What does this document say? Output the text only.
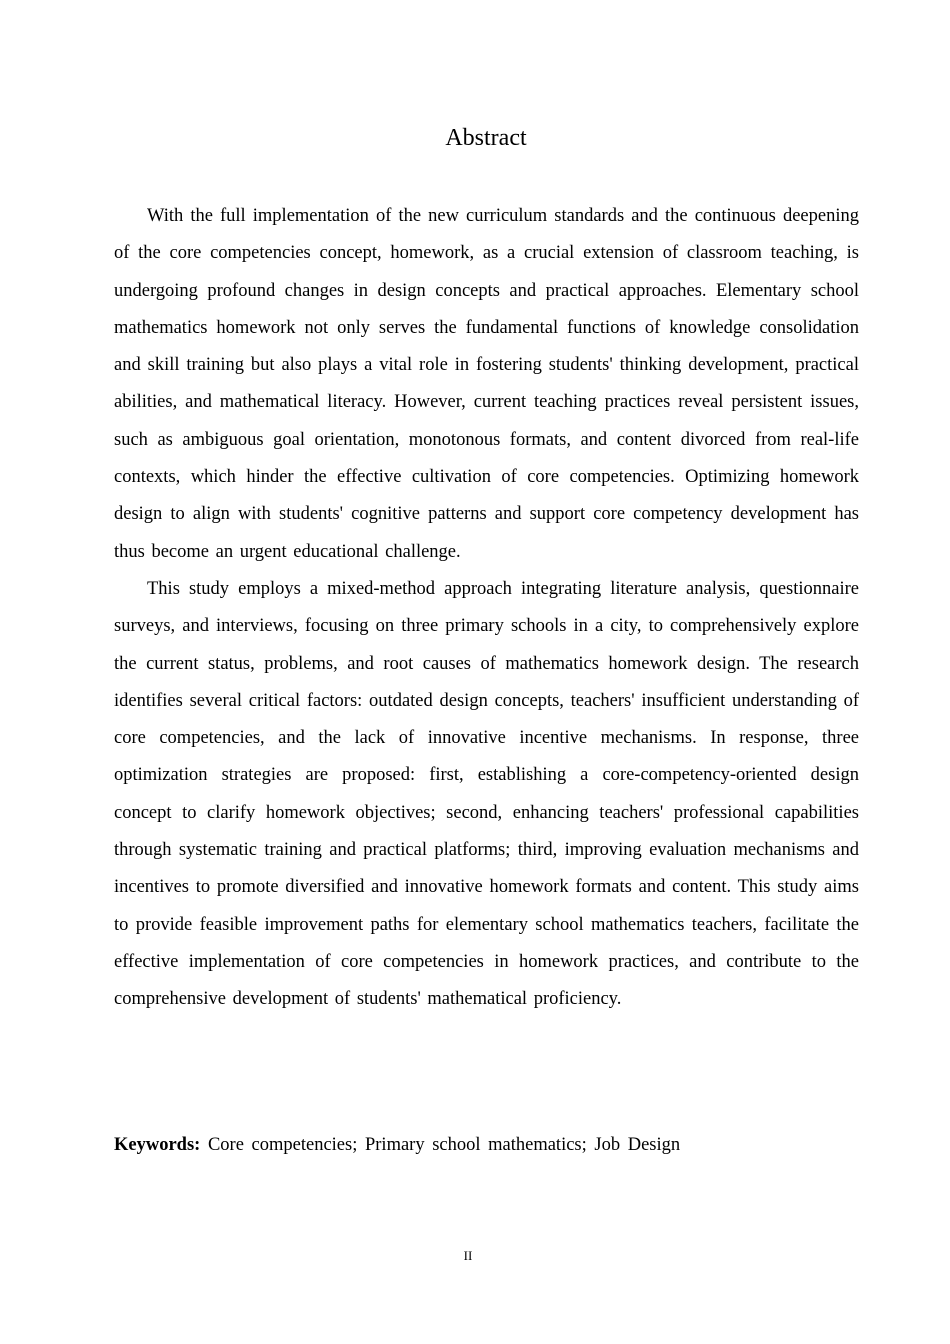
Abstract

With the full implementation of the new curriculum standards and the continuous deepening of the core competencies concept, homework, as a crucial extension of classroom teaching, is undergoing profound changes in design concepts and practical approaches. Elementary school mathematics homework not only serves the fundamental functions of knowledge consolidation and skill training but also plays a vital role in fostering students' thinking development, practical abilities, and mathematical literacy. However, current teaching practices reveal persistent issues, such as ambiguous goal orientation, monotonous formats, and content divorced from real-life contexts, which hinder the effective cultivation of core competencies. Optimizing homework design to align with students' cognitive patterns and support core competency development has thus become an urgent educational challenge.

This study employs a mixed-method approach integrating literature analysis, questionnaire surveys, and interviews, focusing on three primary schools in a city, to comprehensively explore the current status, problems, and root causes of mathematics homework design. The research identifies several critical factors: outdated design concepts, teachers' insufficient understanding of core competencies, and the lack of innovative incentive mechanisms. In response, three optimization strategies are proposed: first, establishing a core-competency-oriented design concept to clarify homework objectives; second, enhancing teachers' professional capabilities through systematic training and practical platforms; third, improving evaluation mechanisms and incentives to promote diversified and innovative homework formats and content. This study aims to provide feasible improvement paths for elementary school mathematics teachers, facilitate the effective implementation of core competencies in homework practices, and contribute to the comprehensive development of students' mathematical proficiency.

Keywords: Core competencies; Primary school mathematics; Job Design

II
